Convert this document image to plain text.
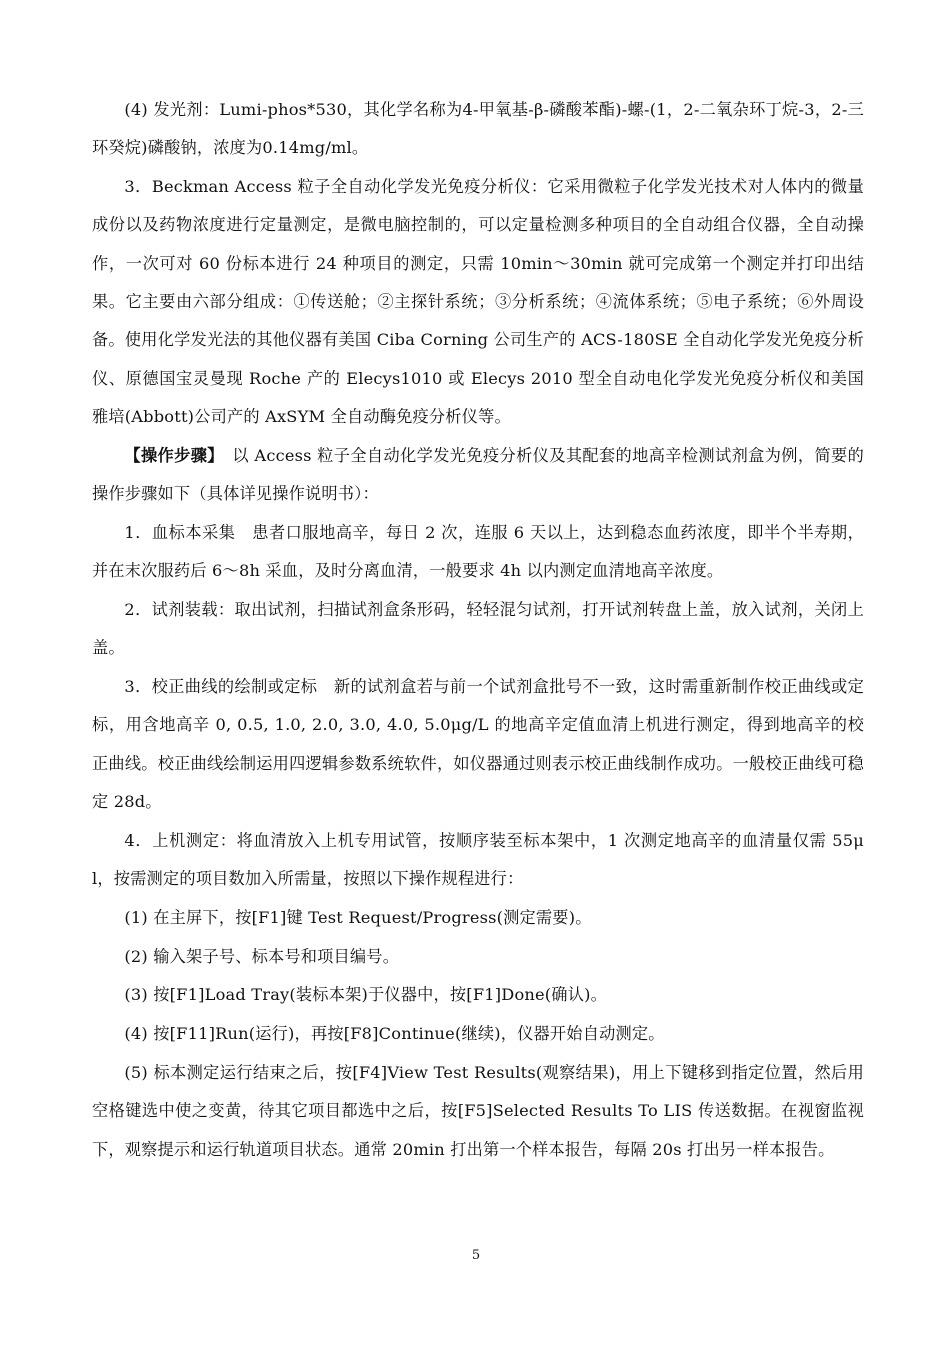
(4) 发光剂：Lumi-phos*530，其化学名称为4-甲氧基-β-磷酸苯酯)-螺-(1，2-二氧杂环丁烷-3，2-三环癸烷)磷酸钠，浓度为0.14mg/ml。

3．Beckman Access 粒子全自动化学发光免疫分析仪：它采用微粒子化学发光技术对人体内的微量成份以及药物浓度进行定量测定，是微电脑控制的，可以定量检测多种项目的全自动组合仪器，全自动操作，一次可对 60 份标本进行 24 种项目的测定，只需 10min～30min 就可完成第一个测定并打印出结果。它主要由六部分组成：①传送舱；②主探针系统；③分析系统；④流体系统；⑤电子系统；⑥外周设备。使用化学发光法的其他仪器有美国 Ciba Corning 公司生产的 ACS-180SE 全自动化学发光免疫分析仪、原德国宝灵曼现 Roche 产的 Elecys1010 或 Elecys 2010 型全自动电化学发光免疫分析仪和美国雅培(Abbott)公司产的 AxSYM 全自动酶免疫分析仪等。

【操作步骤】　以 Access 粒子全自动化学发光免疫分析仪及其配套的地高辛检测试剂盒为例，简要的操作步骤如下（具体详见操作说明书）：

1．血标本采集　患者口服地高辛，每日 2 次，连服 6 天以上，达到稳态血药浓度，即半个半寿期，并在末次服药后 6～8h 采血，及时分离血清，一般要求 4h 以内测定血清地高辛浓度。

2．试剂装载：取出试剂，扫描试剂盒条形码，轻轻混匀试剂，打开试剂转盘上盖，放入试剂，关闭上盖。

3．校正曲线的绘制或定标　新的试剂盒若与前一个试剂盒批号不一致，这时需重新制作校正曲线或定标，用含地高辛 0, 0.5, 1.0, 2.0, 3.0, 4.0, 5.0μg/L 的地高辛定值血清上机进行测定，得到地高辛的校正曲线。校正曲线绘制运用四逻辑参数系统软件，如仪器通过则表示校正曲线制作成功。一般校正曲线可稳定 28d。

4．上机测定：将血清放入上机专用试管，按顺序装至标本架中，1 次测定地高辛的血清量仅需 55μl，按需测定的项目数加入所需量，按照以下操作规程进行：

(1) 在主屏下，按[F1]键 Test Request/Progress(测定需要)。

(2) 输入架子号、标本号和项目编号。

(3) 按[F1]Load Tray(装标本架)于仪器中，按[F1]Done(确认)。

(4) 按[F11]Run(运行)，再按[F8]Continue(继续)，仪器开始自动测定。

(5) 标本测定运行结束之后，按[F4]View Test Results(观察结果)，用上下键移到指定位置，然后用空格键选中使之变黄，待其它项目都选中之后，按[F5]Selected Results To LIS 传送数据。在视窗监视下，观察提示和运行轨道项目状态。通常 20min 打出第一个样本报告，每隔 20s 打出另一样本报告。

5
